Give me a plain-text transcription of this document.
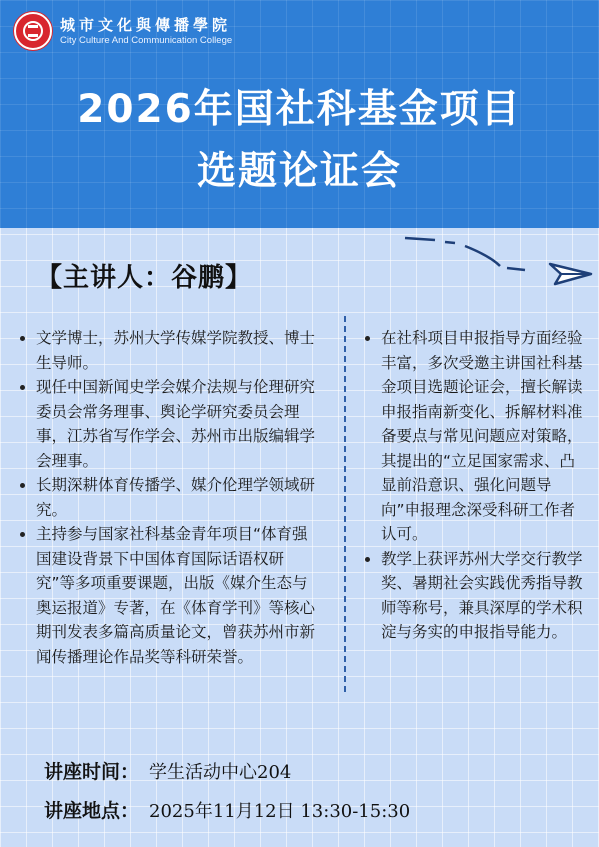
城市文化與傳播學院
City Culture And Communication College
2026年国社科基金项目
选题论证会
【主讲人：谷鹏】
文学博士，苏州大学传媒学院教授、博士生导师。
现任中国新闻史学会媒介法规与伦理研究委员会常务理事、舆论学研究委员会理事，江苏省写作学会、苏州市出版编辑学会理事。
长期深耕体育传播学、媒介伦理学领域研究。
主持参与国家社科基金青年项目“体育强国建设背景下中国体育国际话语权研究”等多项重要课题，出版《媒介生态与奥运报道》专著，在《体育学刊》等核心期刊发表多篇高质量论文，曾获苏州市新闻传播理论作品奖等科研荣誉。
在社科项目申报指导方面经验丰富，多次受邀主讲国社科基金项目选题论证会，擅长解读申报指南新变化、拆解材料准备要点与常见问题应对策略，其提出的“立足国家需求、凸显前沿意识、强化问题导向”申报理念深受科研工作者认可。
教学上获评苏州大学交行教学奖、暑期社会实践优秀指导教师等称号，兼具深厚的学术积淀与务实的申报指导能力。
讲座时间： 学生活动中心204
讲座地点： 2025年11月12日 13:30-15:30
